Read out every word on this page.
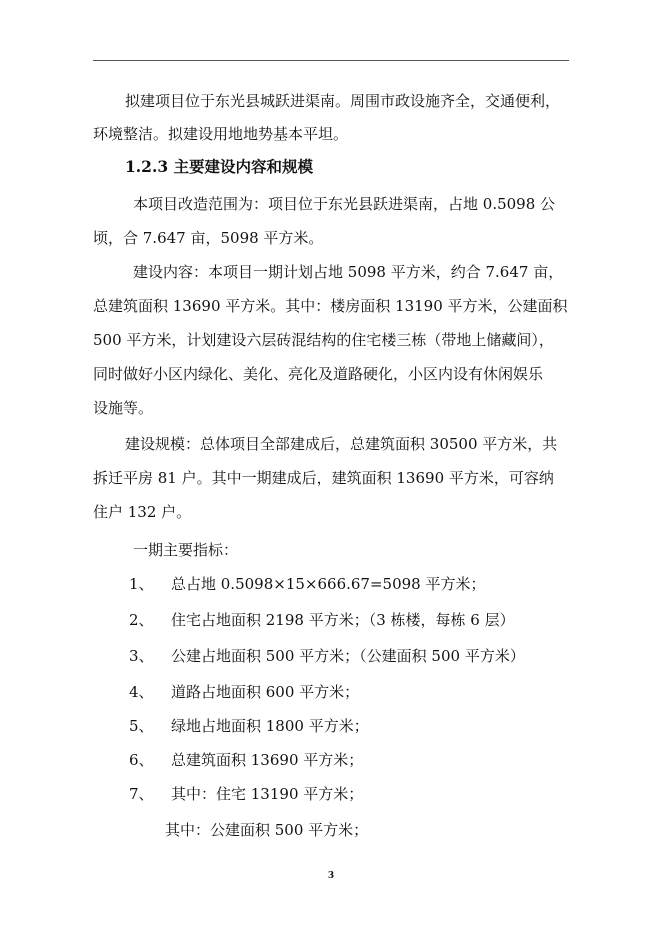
拟建项目位于东光县城跃进渠南。周围市政设施齐全，交通便利，
环境整洁。拟建设用地地势基本平坦。
1.2.3 主要建设内容和规模
本项目改造范围为：项目位于东光县跃进渠南，占地 0.5098 公
顷，合 7.647 亩，5098 平方米。
建设内容：本项目一期计划占地 5098 平方米，约合 7.647 亩，
总建筑面积 13690 平方米。其中：楼房面积 13190 平方米，公建面积
500 平方米，计划建设六层砖混结构的住宅楼三栋（带地上储藏间），
同时做好小区内绿化、美化、亮化及道路硬化，小区内设有休闲娱乐
设施等。
建设规模：总体项目全部建成后，总建筑面积 30500 平方米，共
拆迁平房 81 户。其中一期建成后，建筑面积 13690 平方米，可容纳
住户 132 户。
一期主要指标：
1、 总占地 0.5098×15×666.67=5098 平方米；
2、 住宅占地面积 2198 平方米；（3 栋楼，每栋 6 层）
3、 公建占地面积 500 平方米；（公建面积 500 平方米）
4、 道路占地面积 600 平方米；
5、 绿地占地面积 1800 平方米；
6、 总建筑面积 13690 平方米；
7、 其中：住宅 13190 平方米；
其中：公建面积 500 平方米；
3
